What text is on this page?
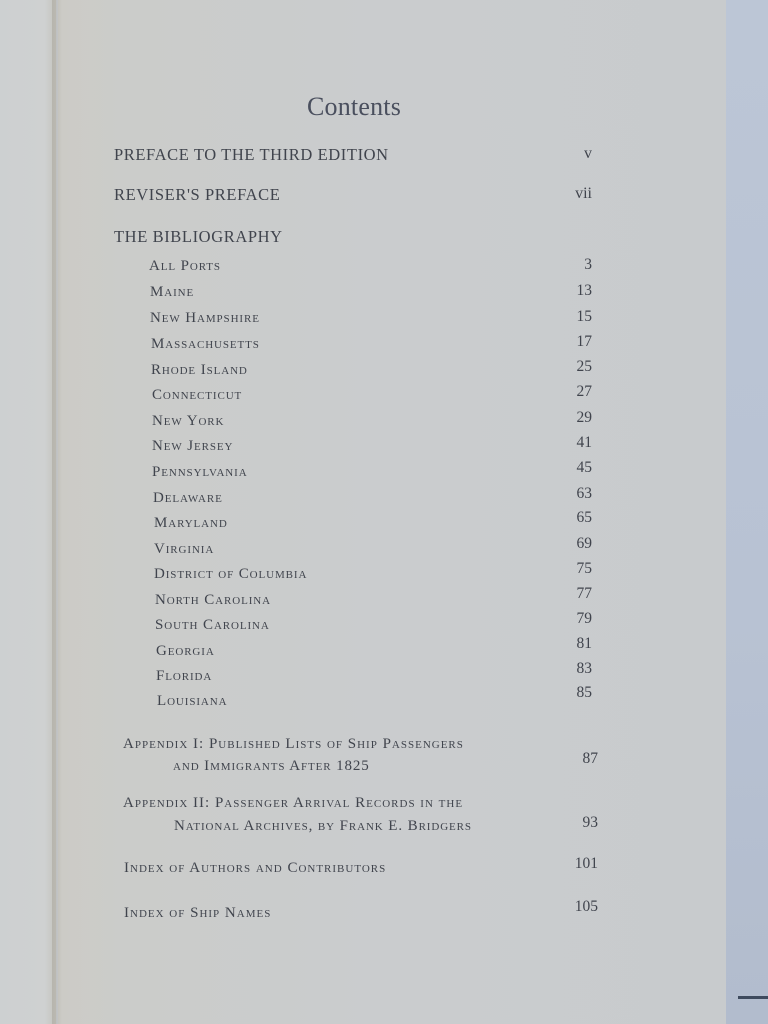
Contents
PREFACE TO THE THIRD EDITION	v
REVISER'S PREFACE	vii
THE BIBLIOGRAPHY
All Ports	3
Maine	13
New Hampshire	15
Massachusetts	17
Rhode Island	25
Connecticut	27
New York	29
New Jersey	41
Pennsylvania	45
Delaware	63
Maryland	65
Virginia	69
District of Columbia	75
North Carolina	77
South Carolina	79
Georgia	81
Florida	83
Louisiana	85
Appendix I: Published Lists of Ship Passengers
and Immigrants After 1825	87
Appendix II: Passenger Arrival Records in the
National Archives, by Frank E. Bridgers	93
Index of Authors and Contributors	101
Index of Ship Names	105
